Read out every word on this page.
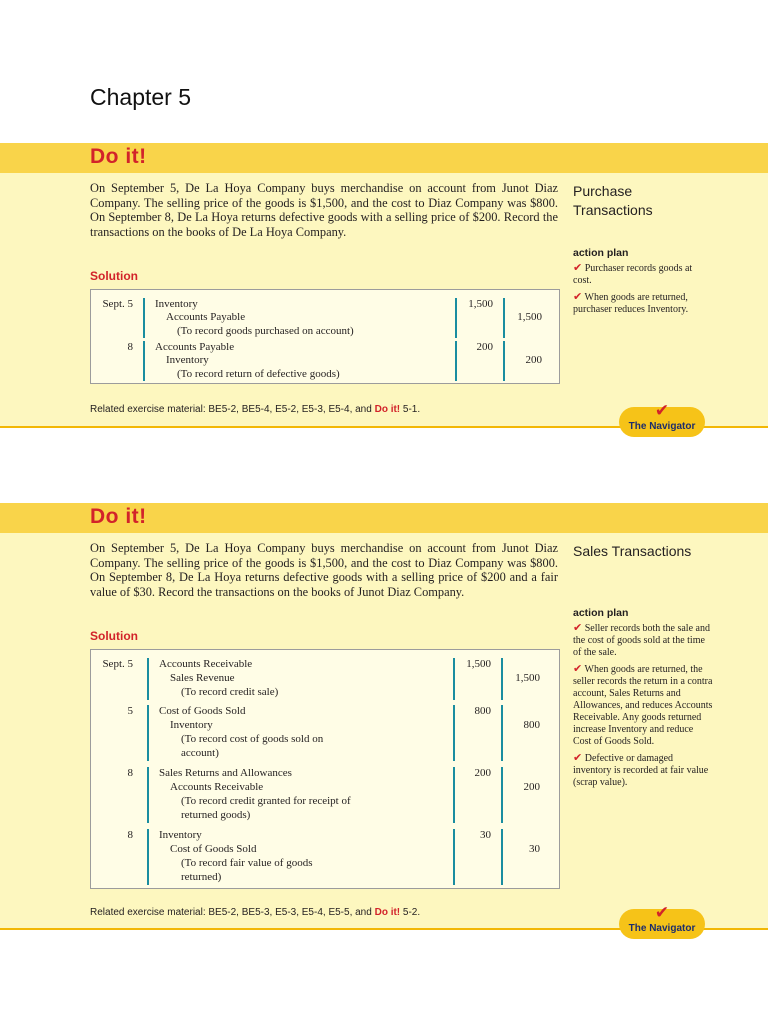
Chapter 5
Do it!
On September 5, De La Hoya Company buys merchandise on account from Junot Diaz Company. The selling price of the goods is $1,500, and the cost to Diaz Company was $800. On September 8, De La Hoya returns defective goods with a selling price of $200. Record the transactions on the books of De La Hoya Company.
Solution
Sept. 5 Inventory
Accounts Payable
(To record goods purchased on account)
1,500
1,500
8 Accounts Payable
Inventory
(To record return of defective goods)
200
200
Related exercise material: BE5-2, BE5-4, E5-2, E5-3, E5-4, and Do it! 5-1.
Purchase
Transactions
action plan
✔ Purchaser records goods at cost.
✔ When goods are returned, purchaser reduces Inventory.
✔
The Navigator
Do it!
On September 5, De La Hoya Company buys merchandise on account from Junot Diaz Company. The selling price of the goods is $1,500, and the cost to Diaz Company was $800. On September 8, De La Hoya returns defective goods with a selling price of $200 and a fair value of $30. Record the transactions on the books of Junot Diaz Company.
Solution
Sept. 5 Accounts Receivable
Sales Revenue
(To record credit sale)
1,500
1,500
5 Cost of Goods Sold
Inventory
(To record cost of goods sold on
account)
800
800
8 Sales Returns and Allowances
Accounts Receivable
(To record credit granted for receipt of
returned goods)
200
200
8 Inventory
Cost of Goods Sold
(To record fair value of goods
returned)
30
30
Related exercise material: BE5-2, BE5-3, E5-3, E5-4, E5-5, and Do it! 5-2.
Sales Transactions
action plan
✔ Seller records both the sale and the cost of goods sold at the time of the sale.
✔ When goods are returned, the seller records the return in a contra account, Sales Returns and Allowances, and reduces Accounts Receivable. Any goods returned increase Inventory and reduce Cost of Goods Sold.
✔ Defective or damaged inventory is recorded at fair value (scrap value).
✔
The Navigator
